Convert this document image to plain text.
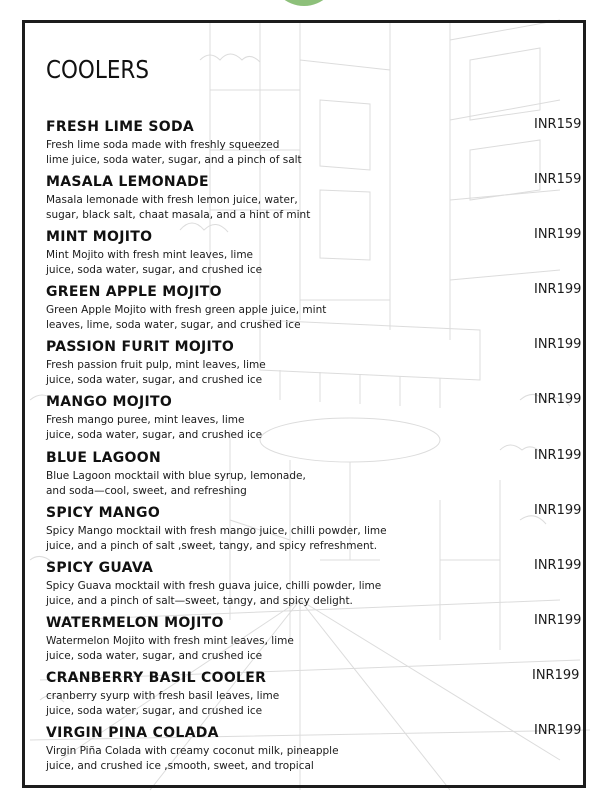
COOLERS
FRESH LIME SODA	INR159
Fresh lime soda made with freshly squeezed
lime juice, soda water, sugar, and a pinch of salt
MASALA LEMONADE	INR159
Masala lemonade with fresh lemon juice, water,
sugar, black salt, chaat masala, and a hint of mint
MINT MOJITO	INR199
Mint Mojito with fresh mint leaves, lime
juice, soda water, sugar, and crushed ice
GREEN APPLE MOJITO	INR199
Green Apple Mojito with fresh green apple juice, mint
leaves, lime, soda water, sugar, and crushed ice
PASSION FURIT MOJITO	INR199
Fresh passion fruit pulp, mint leaves, lime
juice, soda water, sugar, and crushed ice
MANGO MOJITO	INR199
Fresh mango puree, mint leaves, lime
juice, soda water, sugar, and crushed ice
BLUE LAGOON	INR199
Blue Lagoon mocktail with blue syrup, lemonade,
and soda—cool, sweet, and refreshing
SPICY MANGO	INR199
Spicy Mango mocktail with fresh mango juice, chilli powder, lime
juice, and a pinch of salt ,sweet, tangy, and spicy refreshment.
SPICY GUAVA	INR199
Spicy Guava mocktail with fresh guava juice, chilli powder, lime
juice, and a pinch of salt—sweet, tangy, and spicy delight.
WATERMELON MOJITO	INR199
Watermelon Mojito with fresh mint leaves, lime
juice, soda water, sugar, and crushed ice
CRANBERRY BASIL COOLER	INR199
cranberry syurp with fresh basil leaves, lime
juice, soda water, sugar, and crushed ice
VIRGIN PINA COLADA	INR199
Virgin Piña Colada with creamy coconut milk, pineapple
juice, and crushed ice ,smooth, sweet, and tropical
